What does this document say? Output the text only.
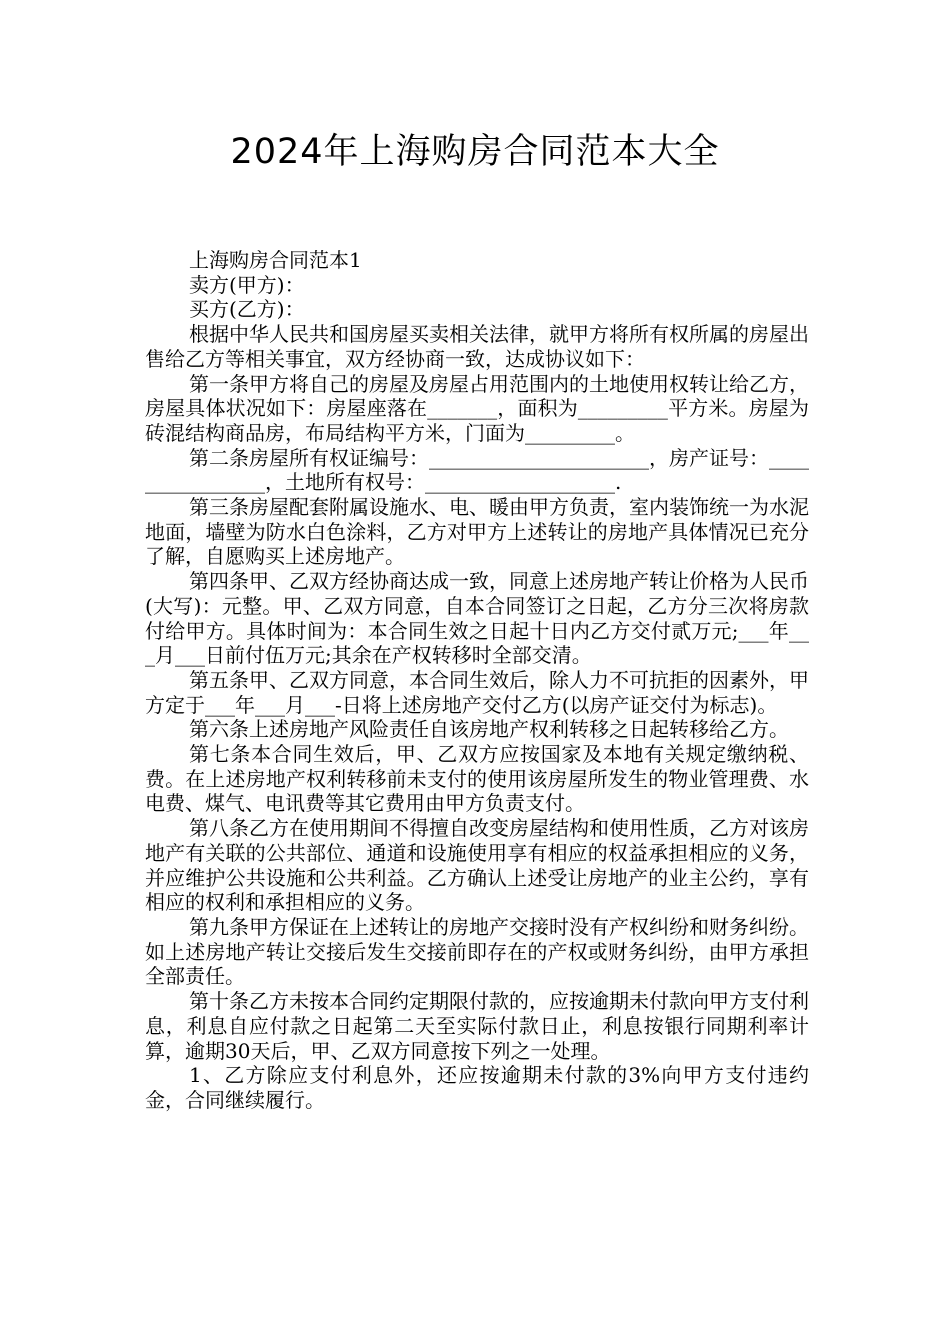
2024年上海购房合同范本大全

上海购房合同范本1

卖方(甲方)：

买方(乙方)：

根据中华人民共和国房屋买卖相关法律，就甲方将所有权所属的房屋出售给乙方等相关事宜，双方经协商一致，达成协议如下：

第一条甲方将自己的房屋及房屋占用范围内的土地使用权转让给乙方，房屋具体状况如下：房屋座落在_______，面积为_________平方米。房屋为砖混结构商品房，布局结构平方米，门面为_________。

第二条房屋所有权证编号：______________________，房产证号：________________，土地所有权号：___________________.

第三条房屋配套附属设施水、电、暖由甲方负责，室内装饰统一为水泥地面，墙壁为防水白色涂料，乙方对甲方上述转让的房地产具体情况已充分了解，自愿购买上述房地产。

第四条甲、乙双方经协商达成一致，同意上述房地产转让价格为人民币(大写)：元整。甲、乙双方同意，自本合同签订之日起，乙方分三次将房款付给甲方。具体时间为：本合同生效之日起十日内乙方交付贰万元;___年___月___日前付伍万元;其余在产权转移时全部交清。

第五条甲、乙双方同意，本合同生效后，除人力不可抗拒的因素外，甲方定于___年___月___-日将上述房地产交付乙方(以房产证交付为标志)。

第六条上述房地产风险责任自该房地产权利转移之日起转移给乙方。

第七条本合同生效后，甲、乙双方应按国家及本地有关规定缴纳税、费。在上述房地产权利转移前未支付的使用该房屋所发生的物业管理费、水电费、煤气、电讯费等其它费用由甲方负责支付。

第八条乙方在使用期间不得擅自改变房屋结构和使用性质，乙方对该房地产有关联的公共部位、通道和设施使用享有相应的权益承担相应的义务，并应维护公共设施和公共利益。乙方确认上述受让房地产的业主公约，享有相应的权利和承担相应的义务。

第九条甲方保证在上述转让的房地产交接时没有产权纠纷和财务纠纷。如上述房地产转让交接后发生交接前即存在的产权或财务纠纷，由甲方承担全部责任。

第十条乙方未按本合同约定期限付款的，应按逾期未付款向甲方支付利息，利息自应付款之日起第二天至实际付款日止，利息按银行同期利率计算，逾期30天后，甲、乙双方同意按下列之一处理。

1、乙方除应支付利息外，还应按逾期未付款的3%向甲方支付违约金，合同继续履行。
